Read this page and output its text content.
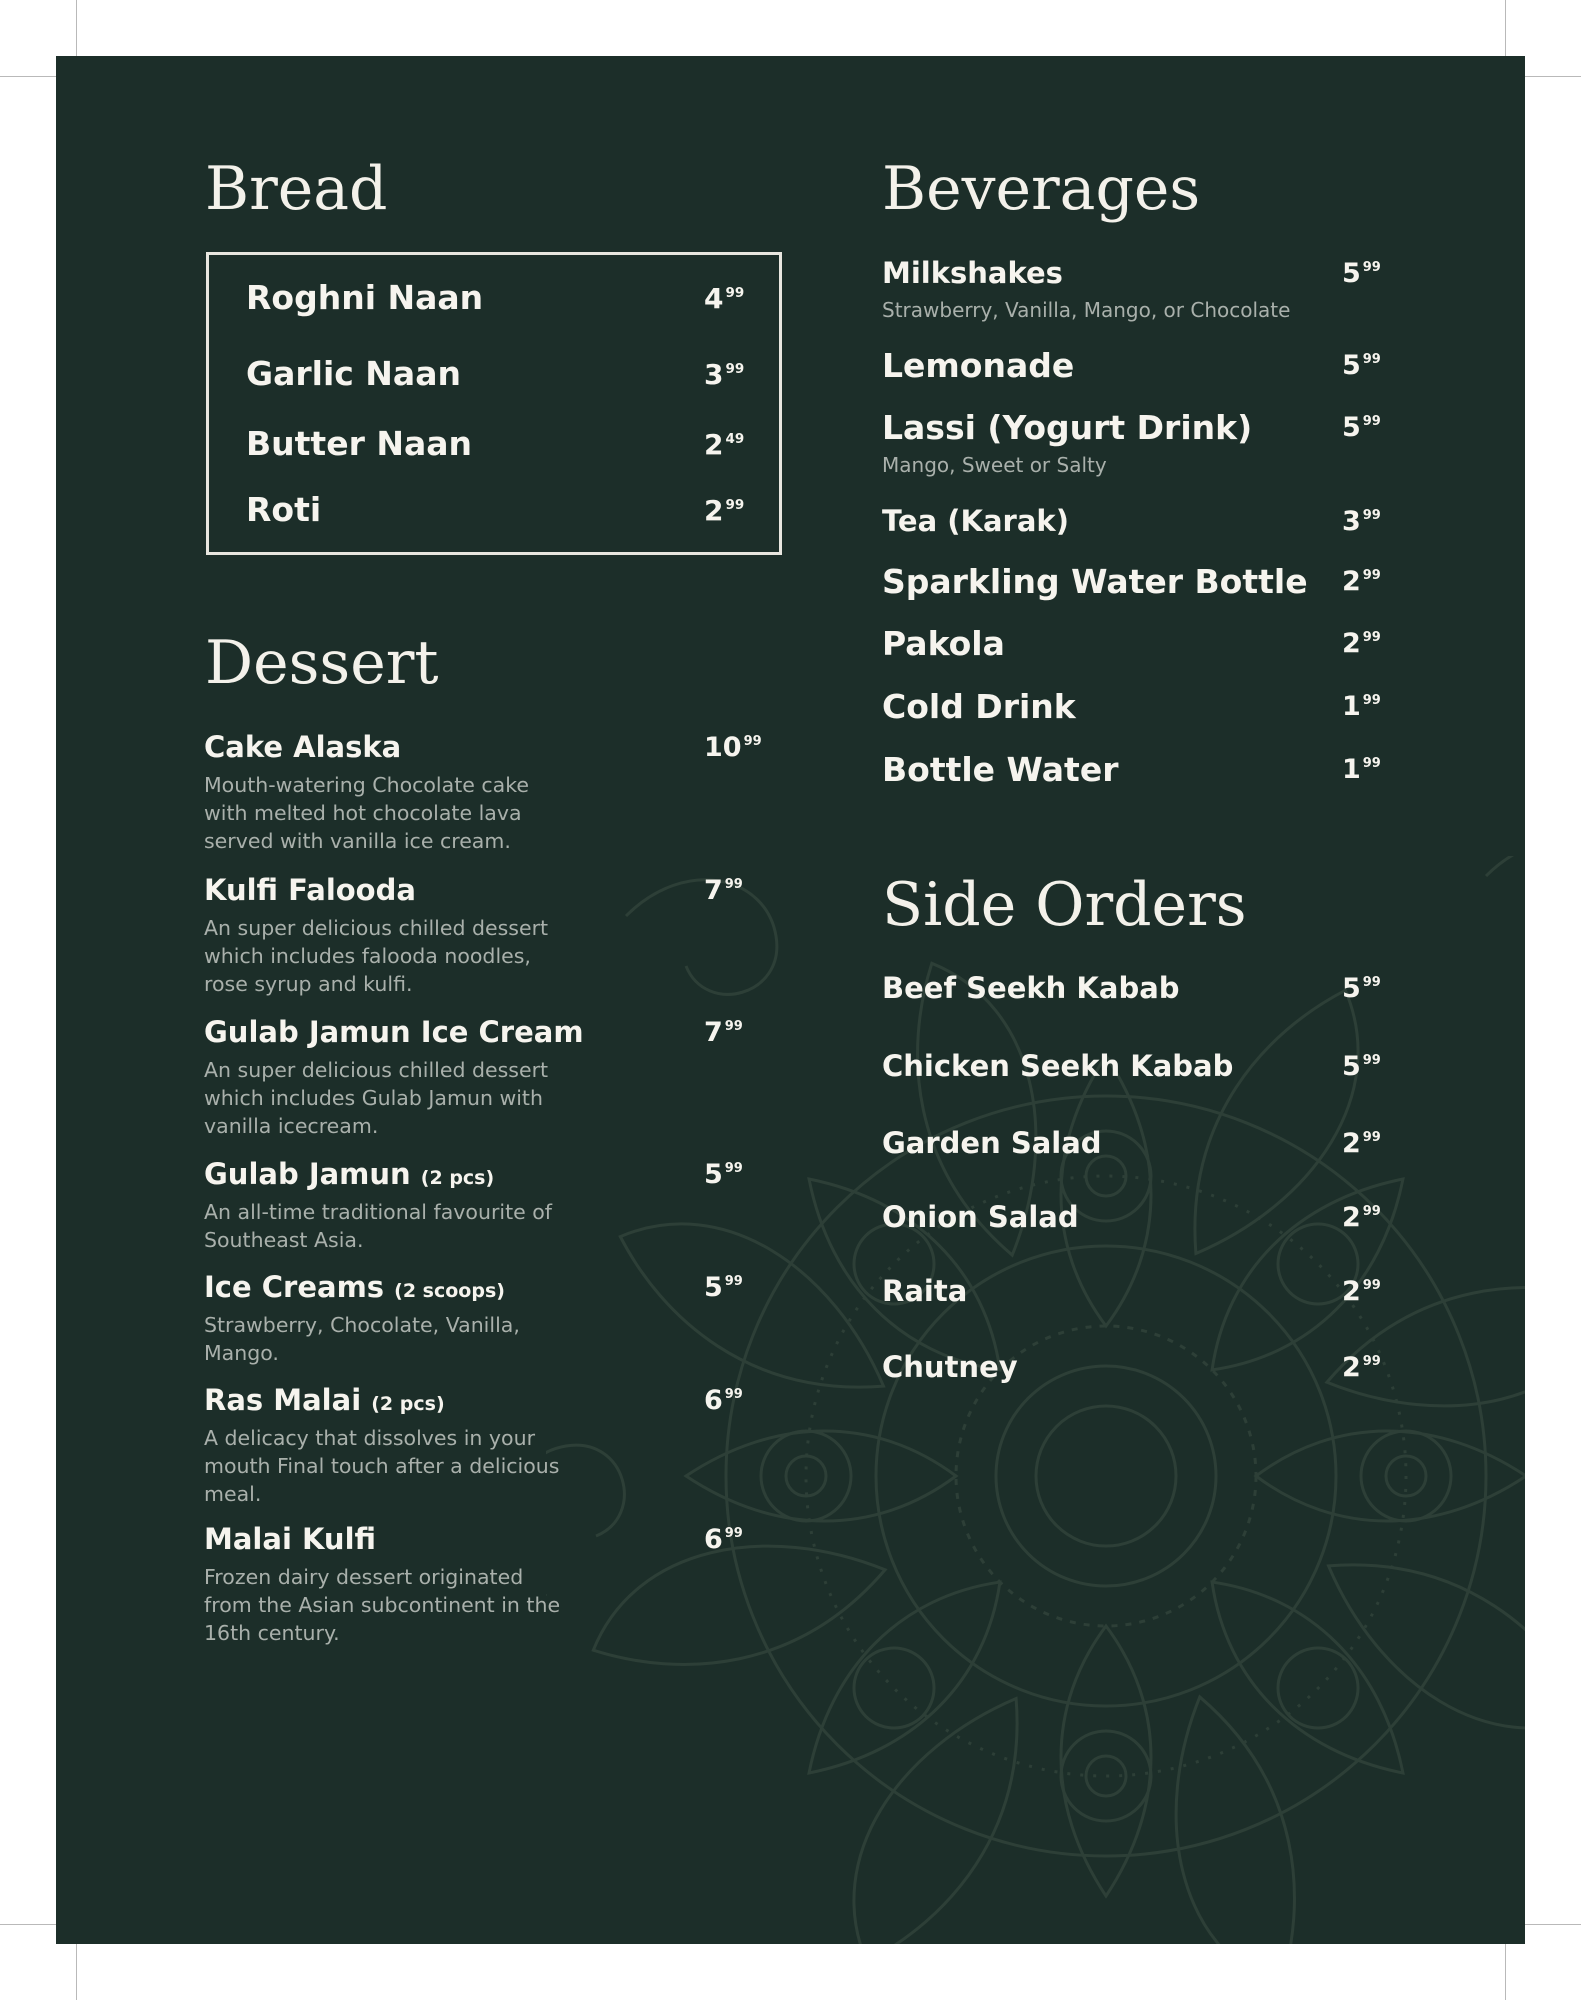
Bread
Roghni Naan	4 $^{99}$
Garlic Naan	3 $^{99}$
Butter Naan	2 $^{49}$
Roti	2 $^{99}$
Dessert
Cake Alaska	10 $^{99}$
Mouth-watering Chocolate cake
with melted hot chocolate lava
served with vanilla ice cream.
Kulfi Falooda	7 $^{99}$
An super delicious chilled dessert
which includes falooda noodles,
rose syrup and kulfi.
Gulab Jamun Ice Cream	7 $^{99}$
An super delicious chilled dessert
which includes Gulab Jamun with
vanilla icecream.
Gulab Jamun (2 pcs)	5 $^{99}$
An all-time traditional favourite of
Southeast Asia.
Ice Creams (2 scoops)	5 $^{99}$
Strawberry, Chocolate, Vanilla,
Mango.
Ras Malai (2 pcs)	6 $^{99}$
A delicacy that dissolves in your
mouth Final touch after a delicious
meal.
Malai Kulfi	6 $^{99}$
Frozen dairy dessert originated
from the Asian subcontinent in the
16th century.
Beverages
Milkshakes	5 $^{99}$
Strawberry, Vanilla, Mango, or Chocolate
Lemonade	5 $^{99}$
Lassi (Yogurt Drink)	5 $^{99}$
Mango, Sweet or Salty
Tea (Karak)	3 $^{99}$
Sparkling Water Bottle 2 $^{99}$
Pakola	2 $^{99}$
Cold Drink	1 $^{99}$
Bottle Water	1 $^{99}$
Side Orders
Beef Seekh Kabab	5 $^{99}$
Chicken Seekh Kabab	5 $^{99}$
Garden Salad	2 $^{99}$
Onion Salad	2 $^{99}$
Raita	2 $^{99}$
Chutney	2 $^{99}$
